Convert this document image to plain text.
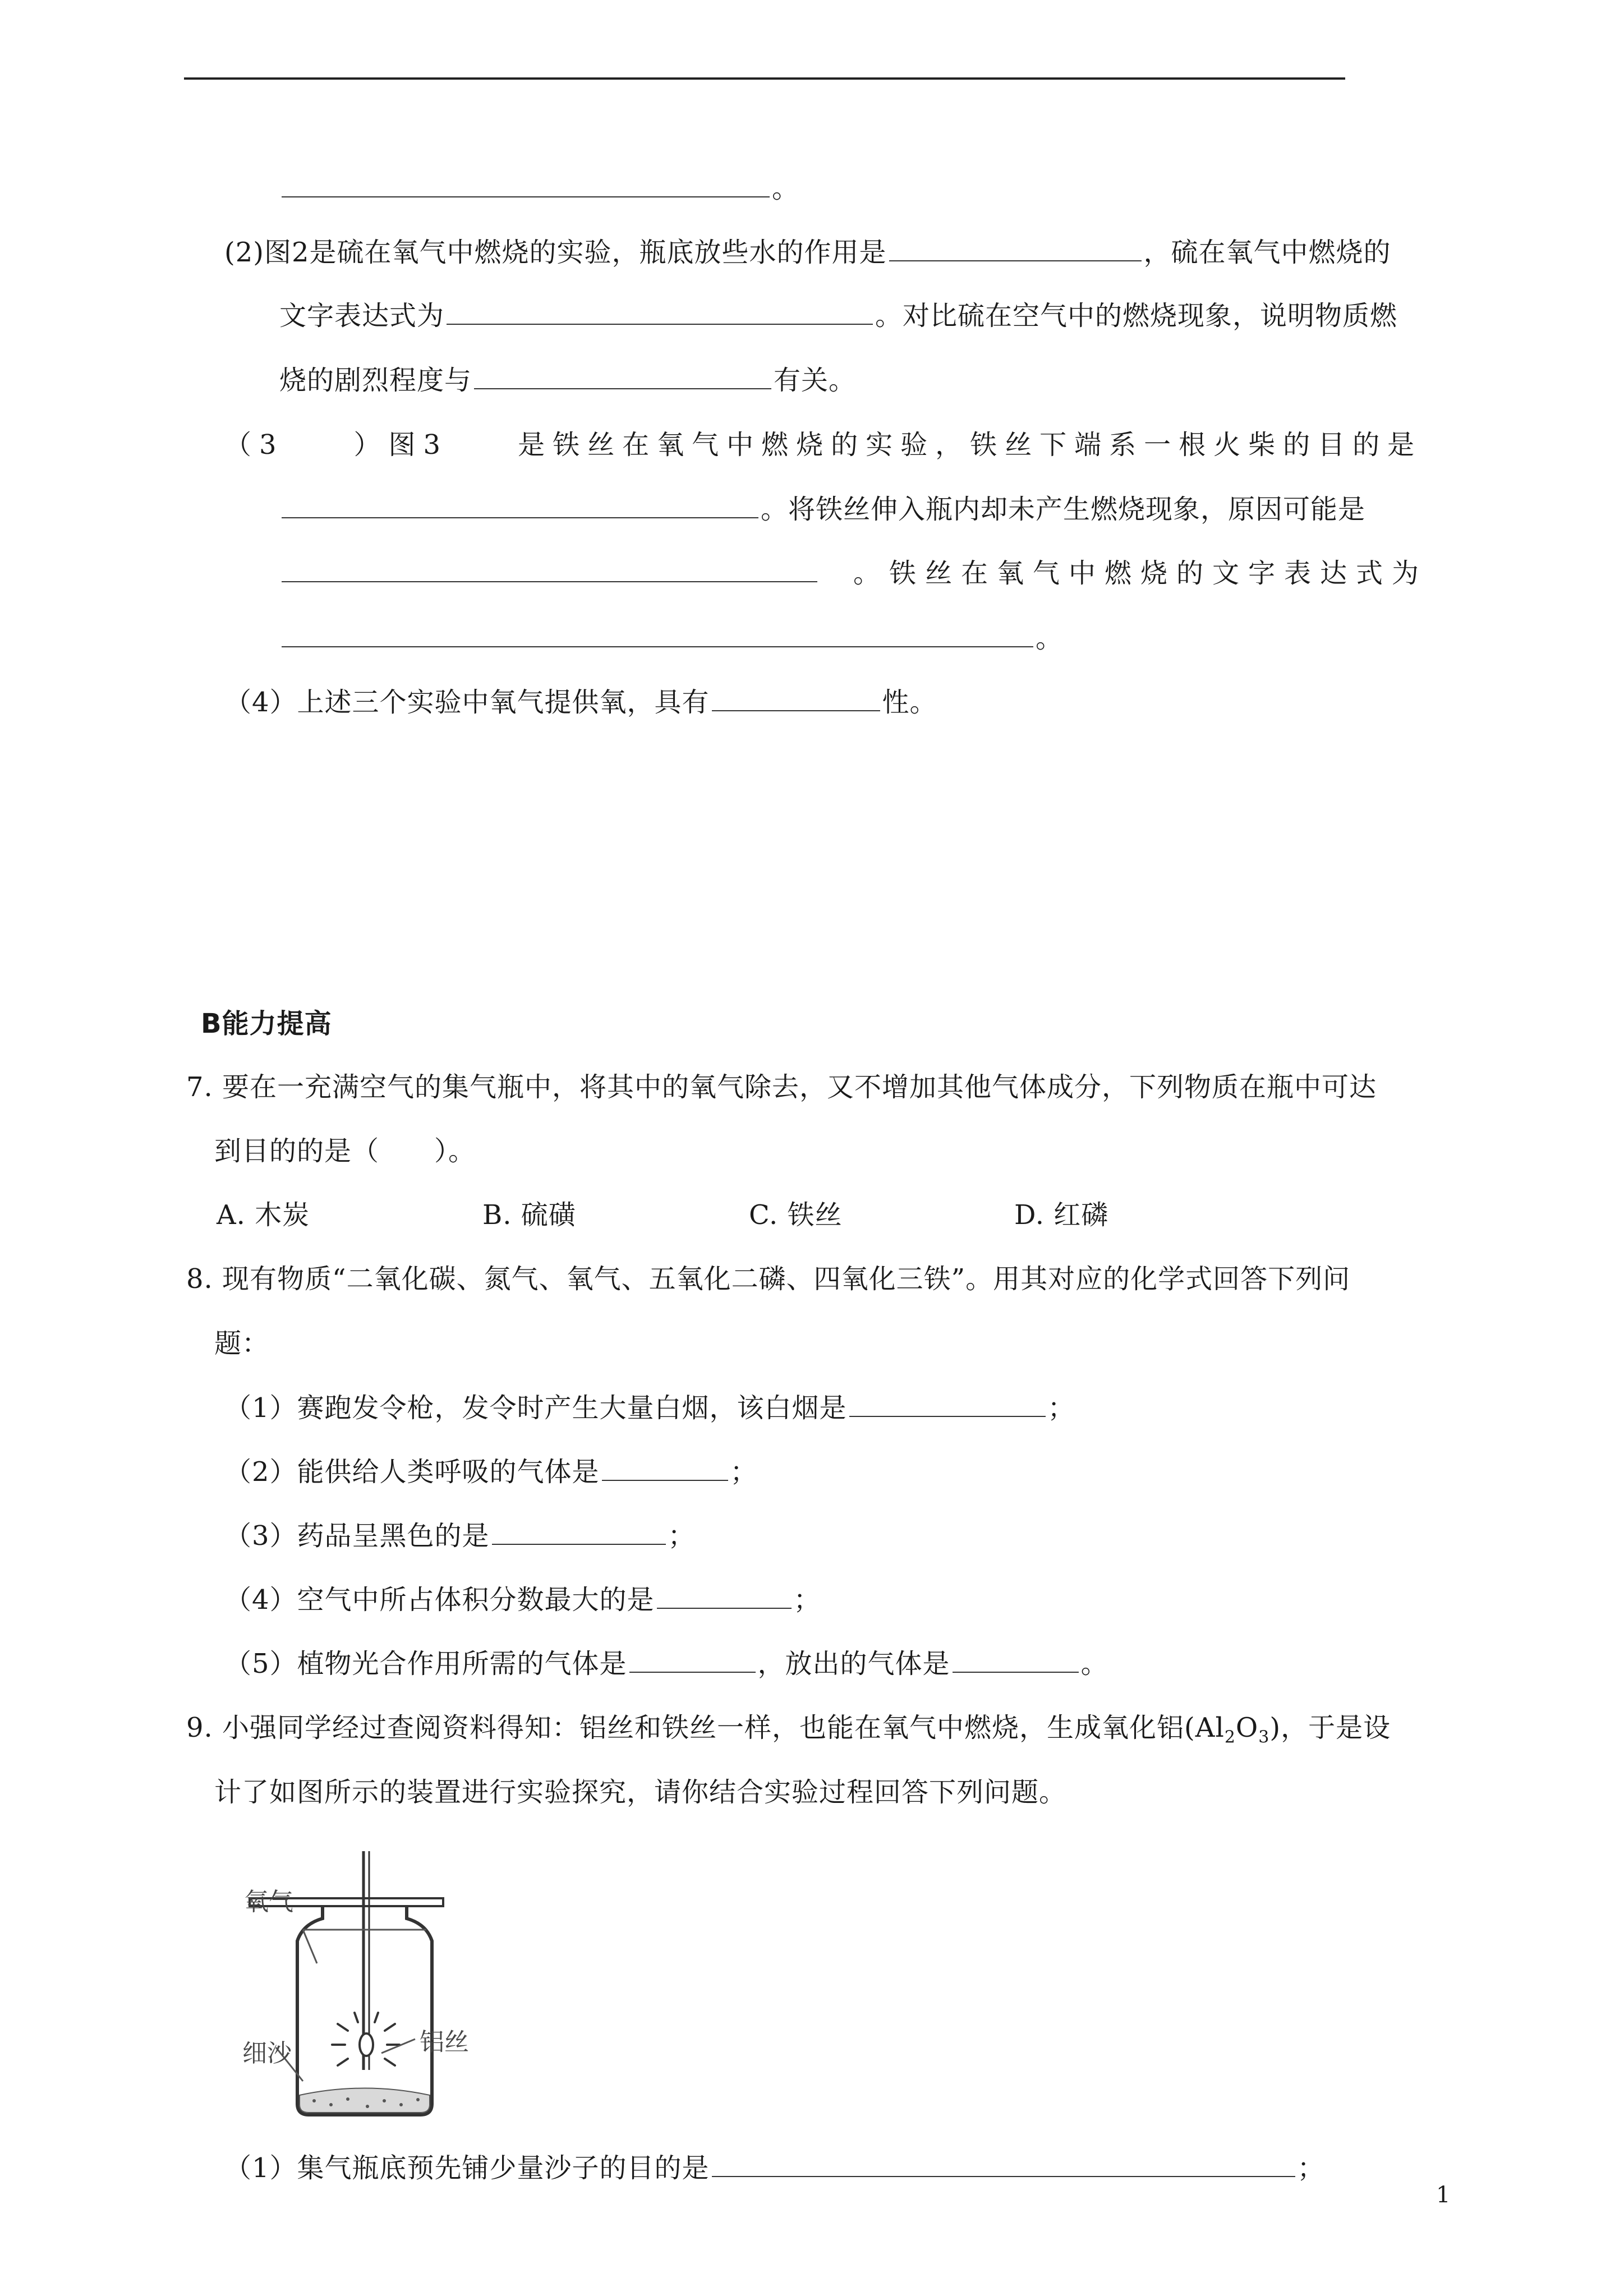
。
(2)图2是硫在氧气中燃烧的实验，瓶底放些水的作用是	，硫在氧气中燃烧的
文字表达式为	。对比硫在空气中的燃烧现象，说明物质燃
烧的剧烈程度与	有关。
（3　　）图3　　是铁丝在氧气中燃烧的实验，铁丝下端系一根火柴的目的是
。将铁丝伸入瓶内却未产生燃烧现象，原因可能是
。铁丝在氧气中燃烧的文字表达式为
。
（4）上述三个实验中氧气提供氧，具有	性。
B能力提高
7. 要在一充满空气的集气瓶中，将其中的氧气除去，又不增加其他气体成分，下列物质在瓶中可达
到目的的是（　　）。
A. 木炭	B. 硫磺	C. 铁丝	D. 红磷
8. 现有物质“二氧化碳、氮气、氧气、五氧化二磷、四氧化三铁”。用其对应的化学式回答下列问
题：
（1）赛跑发令枪，发令时产生大量白烟，该白烟是	；
（2）能供给人类呼吸的气体是	；
（3）药品呈黑色的是	；
（4）空气中所占体积分数最大的是	；
（5）植物光合作用所需的气体是	，放出的气体是	。
9. 小强同学经过查阅资料得知：铝丝和铁丝一样，也能在氧气中燃烧，生成氧化铝$(Al_2O_3)$，于是设
计了如图所示的装置进行实验探究，请你结合实验过程回答下列问题。
氧气
细沙	铝丝
（1）集气瓶底预先铺少量沙子的目的是	；
1
